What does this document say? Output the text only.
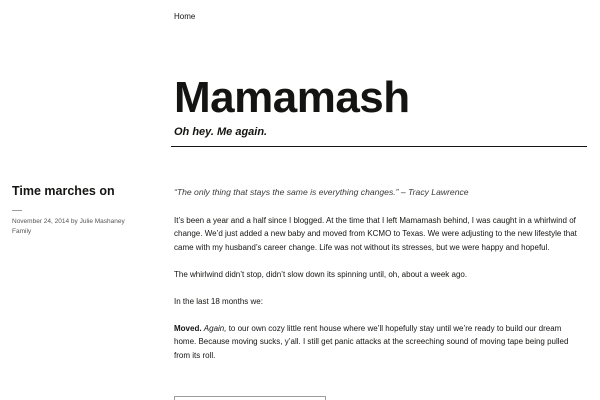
Home
Mamamash
Oh hey. Me again.
Time marches on
November 24, 2014 by Julie Mashaney
Family

“The only thing that stays the same is everything changes.” – Tracy Lawrence

It’s been a year and a half since I blogged. At the time that I left Mamamash behind, I was caught in a whirlwind of change. We’d just added a new baby and moved from KCMO to Texas. We were adjusting to the new lifestyle that came with my husband’s career change. Life was not without its stresses, but we were happy and hopeful.

The whirlwind didn’t stop, didn’t slow down its spinning until, oh, about a week ago.

In the last 18 months we:

Moved. Again, to our own cozy little rent house where we’ll hopefully stay until we’re ready to build our dream home. Because moving sucks, y’all. I still get panic attacks at the screeching sound of moving tape being pulled from its roll.
